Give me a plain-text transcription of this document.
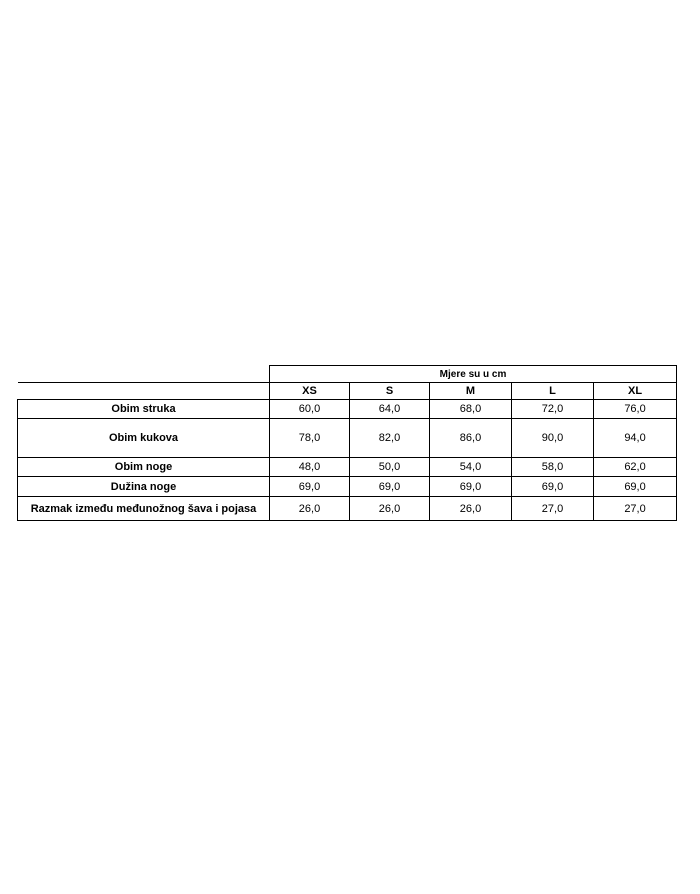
	Mjere su u cm				
	XS	S	M	L	XL
Obim struka	60,0	64,0	68,0	72,0	76,0
Obim kukova	78,0	82,0	86,0	90,0	94,0
Obim noge	48,0	50,0	54,0	58,0	62,0
Dužina noge	69,0	69,0	69,0	69,0	69,0
Razmak između međunožnog šava i pojasa	26,0	26,0	26,0	27,0	27,0
